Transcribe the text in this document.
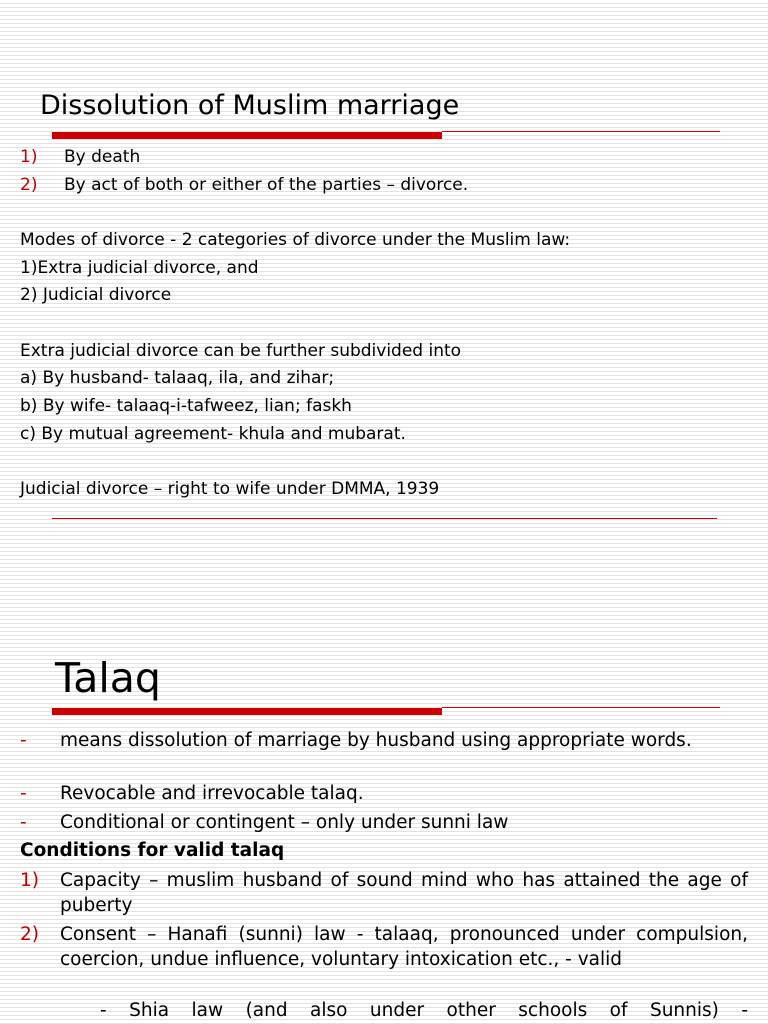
Dissolution of Muslim marriage
1) By death
2) By act of both or either of the parties – divorce.
Modes of divorce - 2 categories of divorce under the Muslim law:
1)Extra judicial divorce, and
2) Judicial divorce
Extra judicial divorce can be further subdivided into
a) By husband- talaaq, ila, and zihar;
b) By wife- talaaq-i-tafweez, lian; faskh
c) By mutual agreement- khula and mubarat.
Judicial divorce – right to wife under DMMA, 1939
Talaq
- means dissolution of marriage by husband using appropriate words.
- Revocable and irrevocable talaq.
- Conditional or contingent – only under sunni law
Conditions for valid talaq
1) Capacity – muslim husband of sound mind who has attained the age of puberty
2) Consent – Hanafi (sunni) law - talaaq, pronounced under compulsion, coercion, undue influence, voluntary intoxication etc., - valid
- Shia law (and also under other schools of Sunnis) -
